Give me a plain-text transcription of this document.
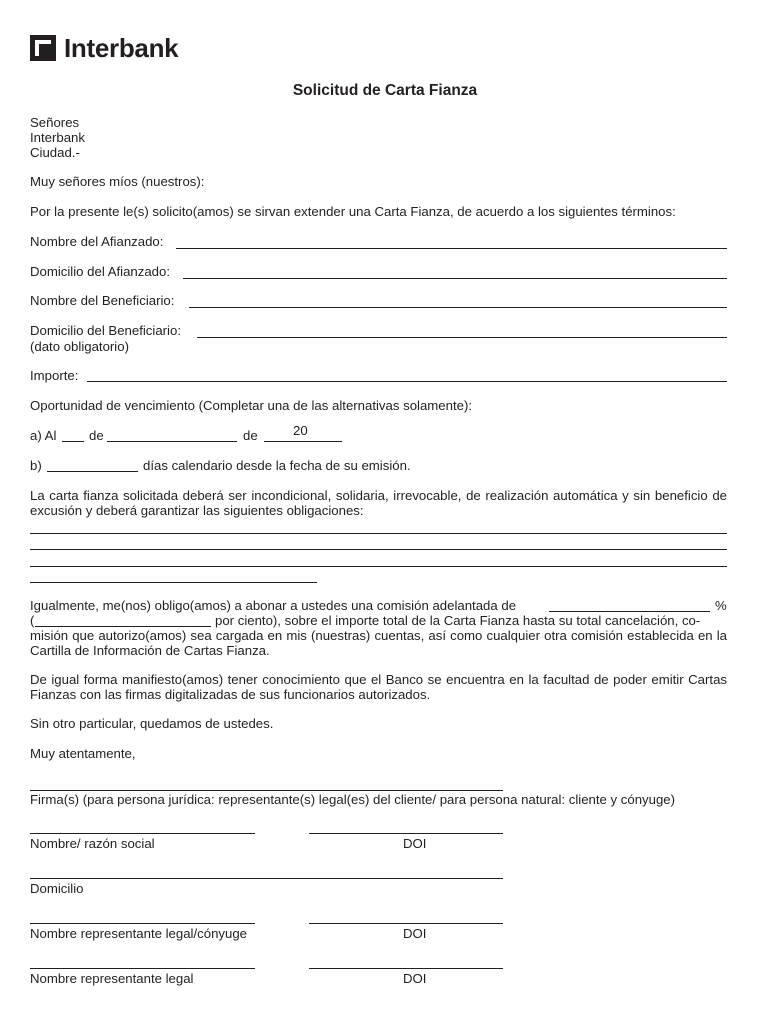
Interbank
Solicitud de Carta Fianza
Señores
Interbank
Ciudad.-
Muy señores míos (nuestros):
Por la presente le(s) solicito(amos) se sirvan extender una Carta Fianza, de acuerdo a los siguientes términos:
Nombre del Afianzado:
Domicilio del Afianzado:
Nombre del Beneficiario:
Domicilio del Beneficiario:
(dato obligatorio)
Importe:
Oportunidad de vencimiento (Completar una de las alternativas solamente):
a) Al de	de	20
b)	días calendario desde la fecha de su emisión.
La carta fianza solicitada deberá ser incondicional, solidaria, irrevocable, de realización automática y sin beneficio de excusión y deberá garantizar las siguientes obligaciones:
Igualmente, me(nos) obligo(amos) a abonar a ustedes una comisión adelantada de	%
(	por ciento), sobre el importe total de la Carta Fianza hasta su total cancelación, co-
misión que autorizo(amos) sea cargada en mis (nuestras) cuentas, así como cualquier otra comisión establecida en la Cartilla de Información de Cartas Fianza.
De igual forma manifiesto(amos) tener conocimiento que el Banco se encuentra en la facultad de poder emitir Cartas Fianzas con las firmas digitalizadas de sus funcionarios autorizados.
Sin otro particular, quedamos de ustedes.
Muy atentamente,
Firma(s) (para persona jurídica: representante(s) legal(es) del cliente/ para persona natural: cliente y cónyuge)
Nombre/ razón social	DOI
Domicilio
Nombre representante legal/cónyuge	DOI
Nombre representante legal	DOI
